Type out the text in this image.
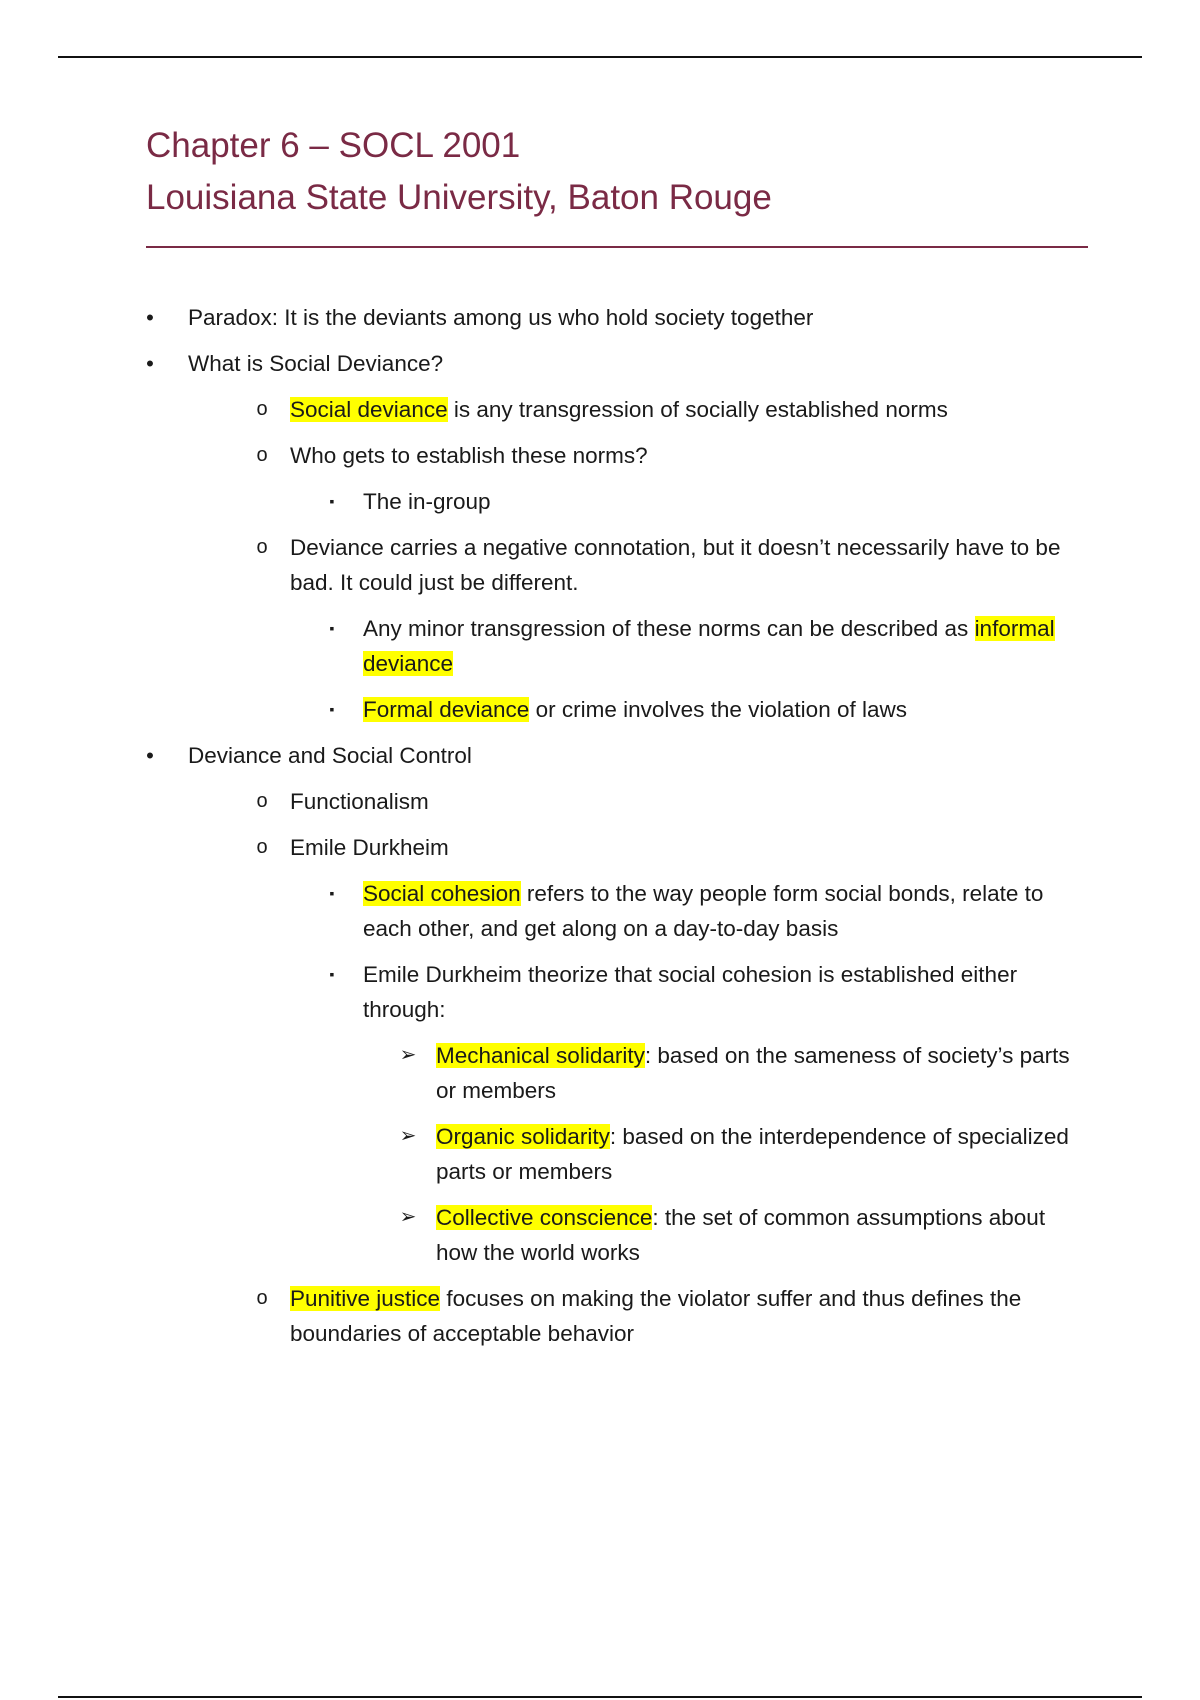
Chapter 6 – SOCL 2001
Louisiana State University, Baton Rouge
• Paradox: It is the deviants among us who hold society together
• What is Social Deviance?
o Social deviance is any transgression of socially established norms
o Who gets to establish these norms?
▪	The in-group
o Deviance carries a negative connotation, but it doesn’t necessarily have to be bad. It could just be different.
▪	Any minor transgression of these norms can be described as informal deviance
▪	Formal deviance or crime involves the violation of laws
• Deviance and Social Control
o Functionalism
o Emile Durkheim
▪	Social cohesion refers to the way people form social bonds, relate to each other, and get along on a day-to-day basis
▪	Emile Durkheim theorize that social cohesion is established either through:
➢ Mechanical solidarity: based on the sameness of society’s parts or members
➢ Organic solidarity: based on the interdependence of specialized parts or members
➢ Collective conscience: the set of common assumptions about how the world works
o Punitive justice focuses on making the violator suffer and thus defines the boundaries of acceptable behavior
